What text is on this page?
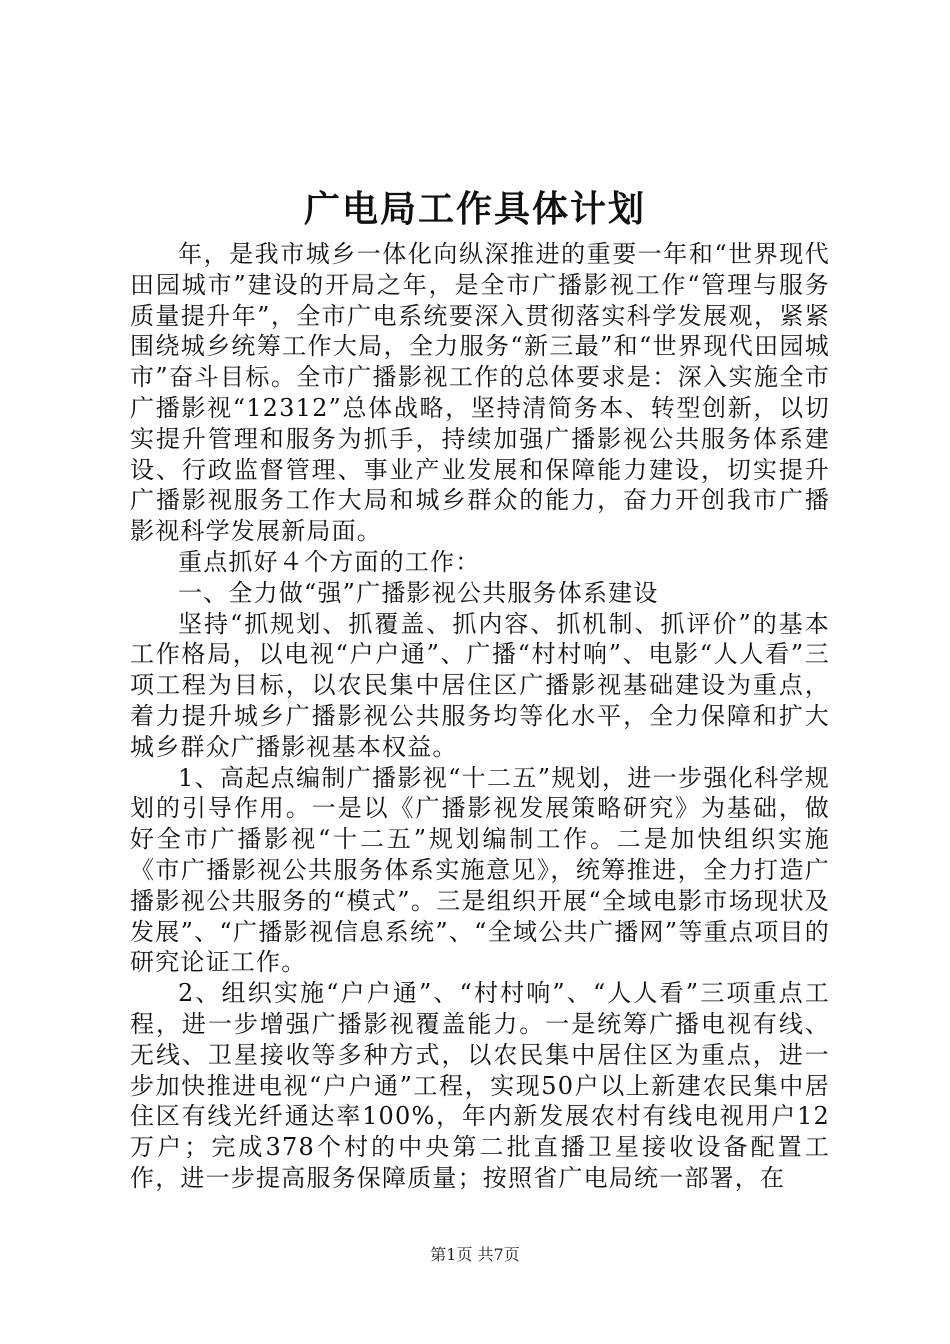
广电局工作具体计划

年，是我市城乡一体化向纵深推进的重要一年和“世界现代田园城市”建设的开局之年，是全市广播影视工作“管理与服务质量提升年”，全市广电系统要深入贯彻落实科学发展观，紧紧围绕城乡统筹工作大局，全力服务“新三最”和“世界现代田园城市”奋斗目标。全市广播影视工作的总体要求是：深入实施全市广播影视“12312”总体战略，坚持清简务本、转型创新，以切实提升管理和服务为抓手，持续加强广播影视公共服务体系建设、行政监督管理、事业产业发展和保障能力建设，切实提升广播影视服务工作大局和城乡群众的能力，奋力开创我市广播影视科学发展新局面。

重点抓好４个方面的工作：

一、全力做“强”广播影视公共服务体系建设

坚持“抓规划、抓覆盖、抓内容、抓机制、抓评价”的基本工作格局，以电视“户户通”、广播“村村响”、电影“人人看”三项工程为目标，以农民集中居住区广播影视基础建设为重点，着力提升城乡广播影视公共服务均等化水平，全力保障和扩大城乡群众广播影视基本权益。

1、高起点编制广播影视“十二五”规划，进一步强化科学规划的引导作用。一是以《广播影视发展策略研究》为基础，做好全市广播影视“十二五”规划编制工作。二是加快组织实施《市广播影视公共服务体系实施意见》，统筹推进，全力打造广播影视公共服务的“模式”。三是组织开展“全域电影市场现状及发展”、“广播影视信息系统”、“全域公共广播网”等重点项目的研究论证工作。

2、组织实施“户户通”、“村村响”、“人人看”三项重点工程，进一步增强广播影视覆盖能力。一是统筹广播电视有线、无线、卫星接收等多种方式，以农民集中居住区为重点，进一步加快推进电视“户户通”工程，实现50户以上新建农民集中居住区有线光纤通达率100%，年内新发展农村有线电视用户12万户；完成378个村的中央第二批直播卫星接收设备配置工作，进一步提高服务保障质量；按照省广电局统一部署，在

第1页 共7页
